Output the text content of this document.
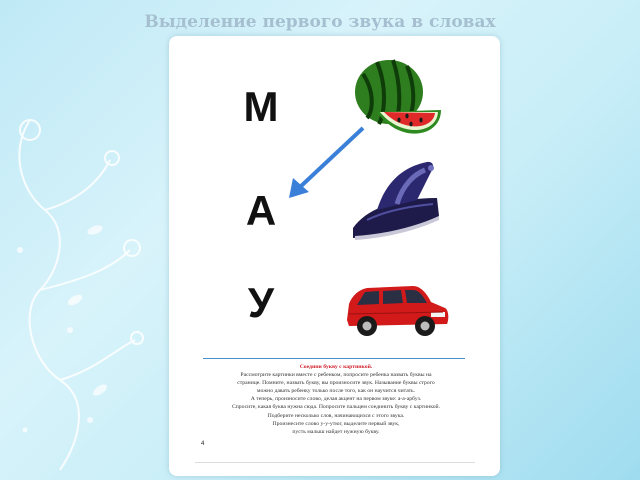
Выделение первого звука в словах
М
А
У
Соедини букву с картинкой.
Рассмотрите картинки вместе с ребенком, попросите ребенка назвать буквы на
странице. Помните, назвать букву, вы произносите звук. Называние буквы строго
можно давать ребенку только после того, как он научится читать.
А теперь, произносите слово, делая акцент на первом звуке: а-а-арбуз.
Спросите, какая буква нужна сюда. Попросите пальцем соединить букву с картинкой.
Подберите несколько слов, начинающихся с этого звука.
Произнесите слово у-у-утюг, выделите первый звук,
пусть малыш найдет нужную букву.
4
